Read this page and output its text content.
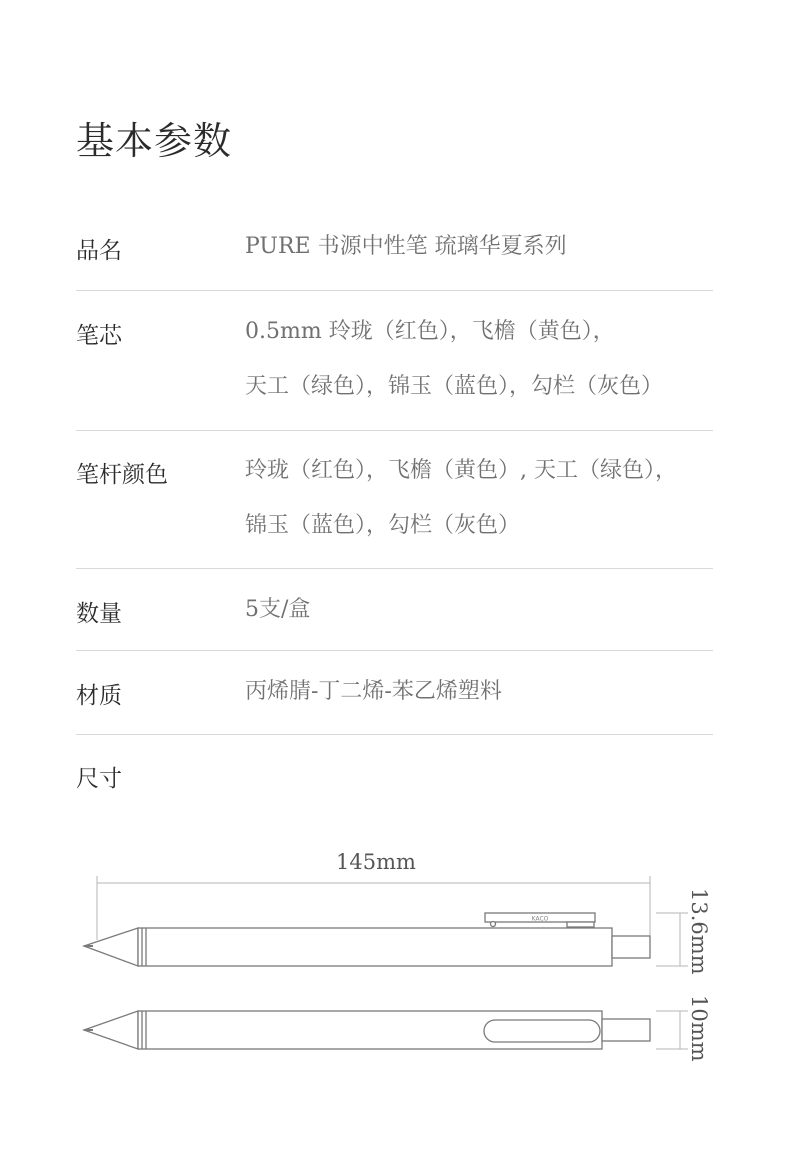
基本参数
品名	PURE 书源中性笔 琉璃华夏系列
笔芯	0.5mm 玲珑（红色），飞檐（黄色），
天工（绿色），锦玉（蓝色），勾栏（灰色）
笔杆颜色	玲珑（红色），飞檐（黄色）, 天工（绿色），
锦玉（蓝色），勾栏（灰色）
数量	5支/盒
材质	丙烯腈-丁二烯-苯乙烯塑料
尺寸
145mm
KACO	13.6mm
10mm
